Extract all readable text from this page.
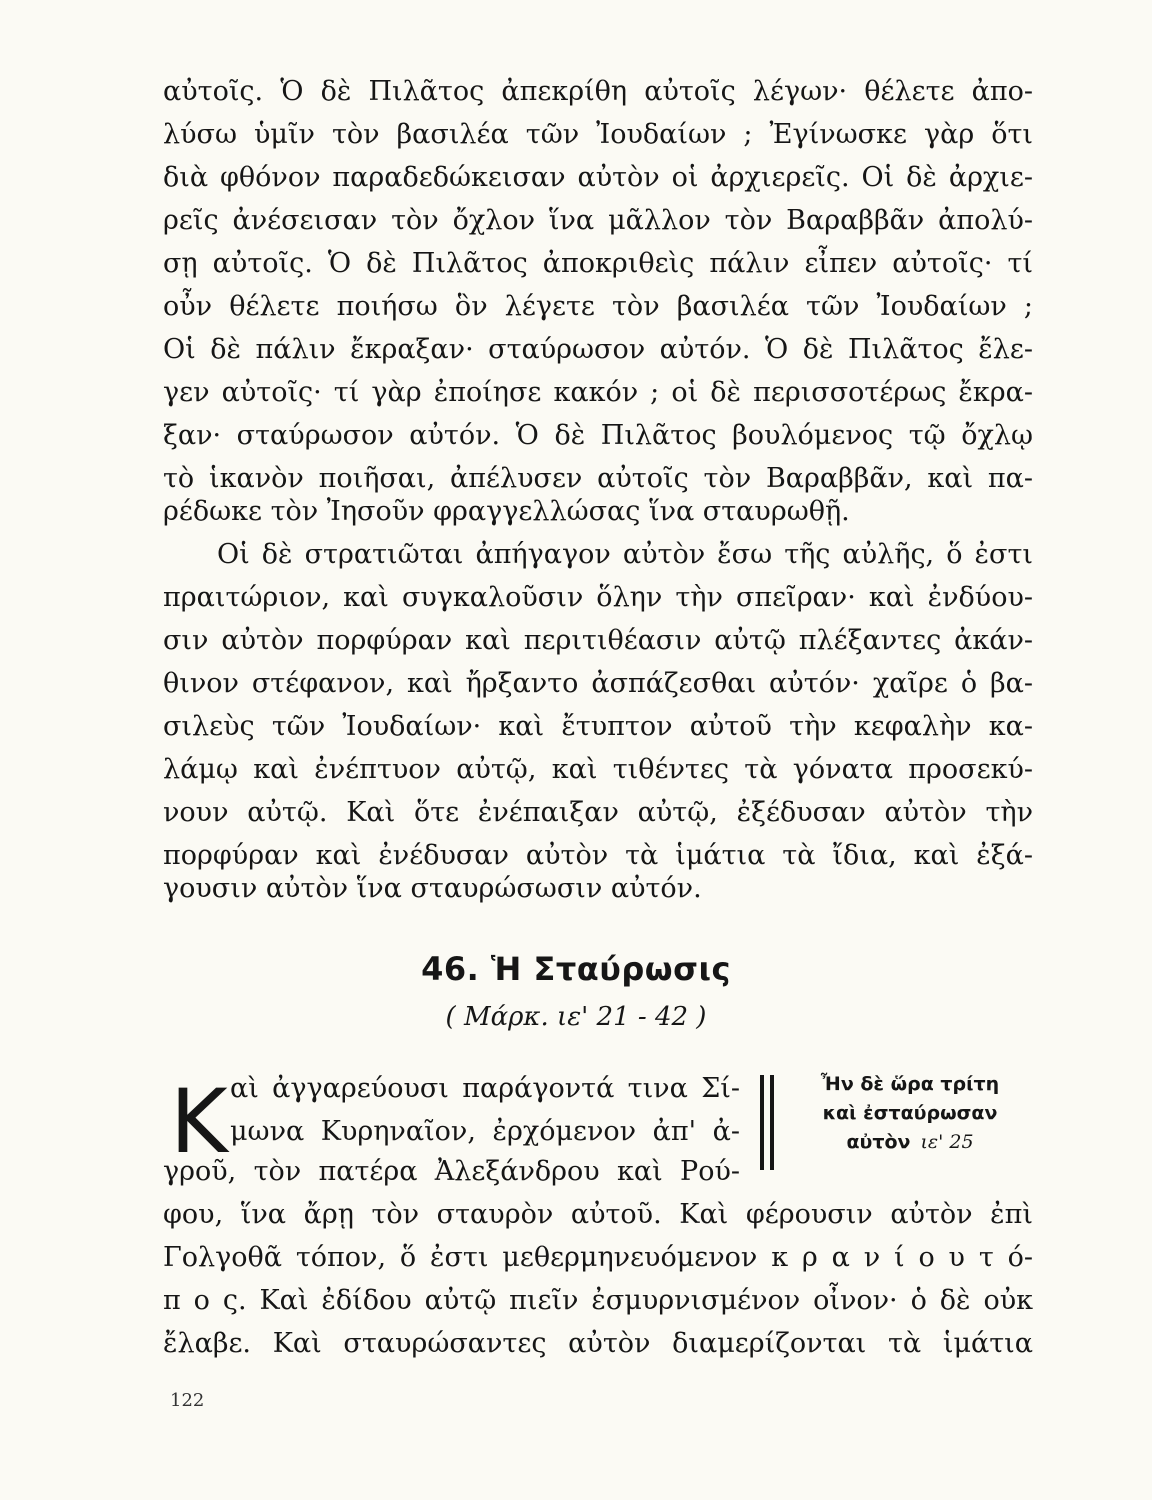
αὐτοῖς. Ὁ δὲ Πιλᾶτος ἀπεκρίθη αὐτοῖς λέγων· θέλετε ἀπο-
λύσω ὑμῖν τὸν βασιλέα τῶν Ἰουδαίων ; Ἐγίνωσκε γὰρ ὅτι
διὰ φθόνον παραδεδώκεισαν αὐτὸν οἱ ἀρχιερεῖς. Οἱ δὲ ἀρχιε-
ρεῖς ἀνέσεισαν τὸν ὄχλον ἵνα μᾶλλον τὸν Βαραββᾶν ἀπολύ-
σῃ αὐτοῖς. Ὁ δὲ Πιλᾶτος ἀποκριθεὶς πάλιν εἶπεν αὐτοῖς· τί
οὖν θέλετε ποιήσω ὃν λέγετε τὸν βασιλέα τῶν Ἰουδαίων ;
Οἱ δὲ πάλιν ἔκραξαν· σταύρωσον αὐτόν. Ὁ δὲ Πιλᾶτος ἔλε-
γεν αὐτοῖς· τί γὰρ ἐποίησε κακόν ; οἱ δὲ περισσοτέρως ἔκρα-
ξαν· σταύρωσον αὐτόν. Ὁ δὲ Πιλᾶτος βουλόμενος τῷ ὄχλῳ
τὸ ἱκανὸν ποιῆσαι, ἀπέλυσεν αὐτοῖς τὸν Βαραββᾶν, καὶ πα-
ρέδωκε τὸν Ἰησοῦν φραγγελλώσας ἵνα σταυρωθῇ.
Οἱ δὲ στρατιῶται ἀπήγαγον αὐτὸν ἔσω τῆς αὐλῆς, ὅ ἐστι
πραιτώριον, καὶ συγκαλοῦσιν ὅλην τὴν σπεῖραν· καὶ ἐνδύου-
σιν αὐτὸν πορφύραν καὶ περιτιθέασιν αὐτῷ πλέξαντες ἀκάν-
θινον στέφανον, καὶ ἤρξαντο ἀσπάζεσθαι αὐτόν· χαῖρε ὁ βα-
σιλεὺς τῶν Ἰουδαίων· καὶ ἔτυπτον αὐτοῦ τὴν κεφαλὴν κα-
λάμῳ καὶ ἐνέπτυον αὐτῷ, καὶ τιθέντες τὰ γόνατα προσεκύ-
νουν αὐτῷ. Καὶ ὅτε ἐνέπαιξαν αὐτῷ, ἐξέδυσαν αὐτὸν τὴν
πορφύραν καὶ ἐνέδυσαν αὐτὸν τὰ ἱμάτια τὰ ἴδια, καὶ ἐξά-
γουσιν αὐτὸν ἵνα σταυρώσωσιν αὐτόν.
46. Ἡ Σταύρωσις
( Μάρκ. ιε' 21 - 42 )
Κ αὶ ἀγγαρεύουσι παράγοντά τινα Σί-
μωνα Κυρηναῖον, ἐρχόμενον ἀπ' ἀ-
γροῦ, τὸν πατέρα Ἀλεξάνδρου καὶ Ρού-
φου, ἵνα ἄρῃ τὸν σταυρὸν αὐτοῦ. Καὶ φέρουσιν αὐτὸν ἐπὶ
Γολγοθᾶ τόπον, ὅ ἐστι μεθερμηνευόμενον κ ρ α ν ί ο υ τ ό-
π ο ς. Καὶ ἐδίδου αὐτῷ πιεῖν ἐσμυρνισμένον οἶνον· ὁ δὲ οὐκ
ἔλαβε. Καὶ σταυρώσαντες αὐτὸν διαμερίζονται τὰ ἱμάτια
Ἦν δὲ ὥρα τρίτη
καὶ ἐσταύρωσαν
αὐτὸν ιε' 25
122
